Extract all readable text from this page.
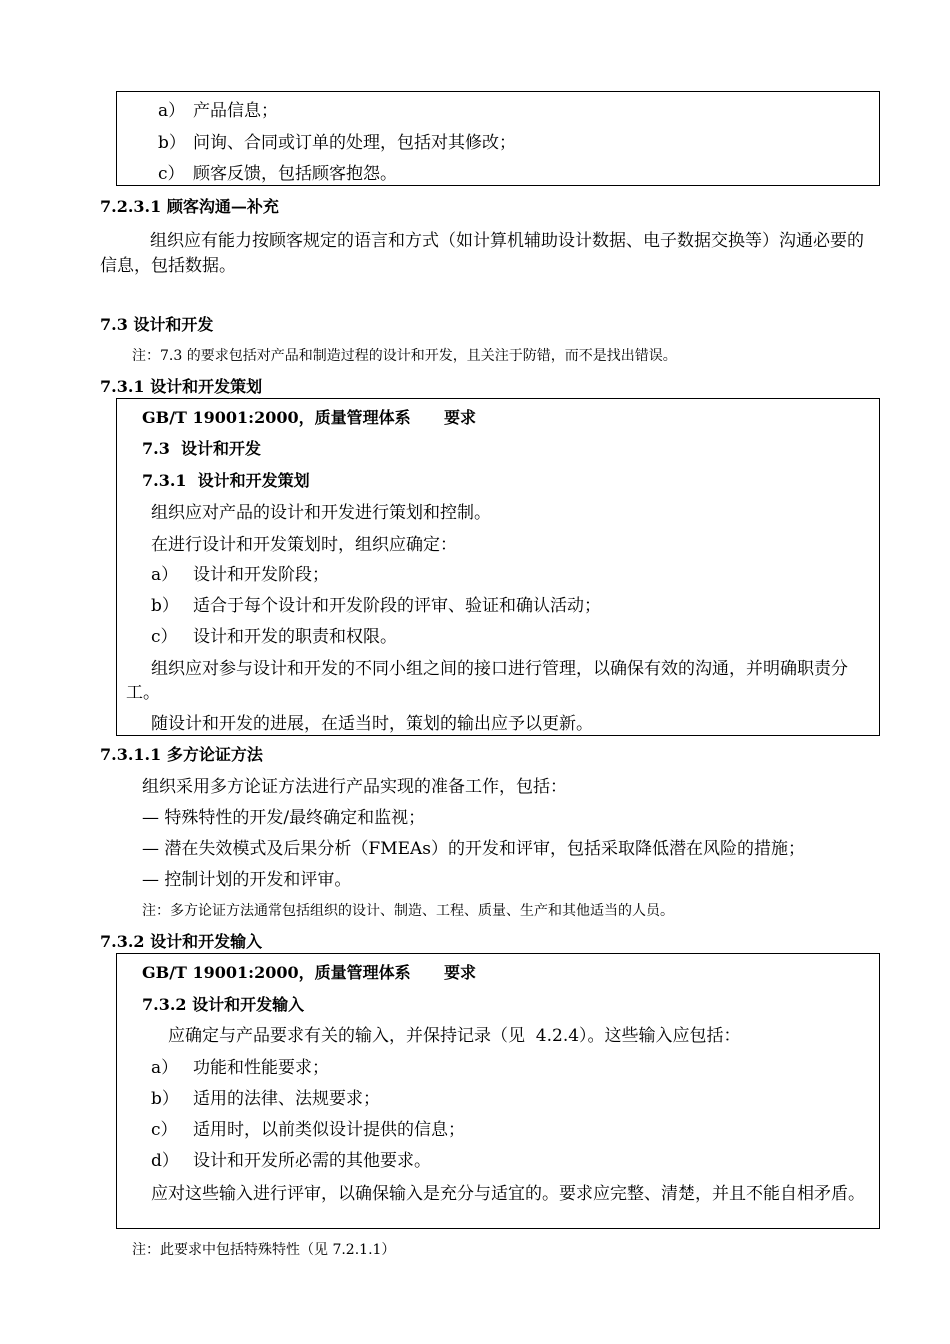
a） 产品信息；
b） 问询、合同或订单的处理，包括对其修改；
c） 顾客反馈，包括顾客抱怨。
7.2.3.1 顾客沟通—补充
组织应有能力按顾客规定的语言和方式（如计算机辅助设计数据、电子数据交换等）沟通必要的信息，包括数据。
7.3 设计和开发
注：7.3 的要求包括对产品和制造过程的设计和开发，且关注于防错，而不是找出错误。
7.3.1 设计和开发策划
GB/T 19001:2000，质量管理体系      要求
7.3  设计和开发
7.3.1  设计和开发策划
组织应对产品的设计和开发进行策划和控制。
在进行设计和开发策划时，组织应确定：
a） 设计和开发阶段；
b） 适合于每个设计和开发阶段的评审、验证和确认活动；
c） 设计和开发的职责和权限。
组织应对参与设计和开发的不同小组之间的接口进行管理，以确保有效的沟通，并明确职责分工。
随设计和开发的进展，在适当时，策划的输出应予以更新。
7.3.1.1 多方论证方法
组织采用多方论证方法进行产品实现的准备工作，包括：
— 特殊特性的开发/最终确定和监视；
— 潜在失效模式及后果分析（FMEAs）的开发和评审，包括采取降低潜在风险的措施；
— 控制计划的开发和评审。
注：多方论证方法通常包括组织的设计、制造、工程、质量、生产和其他适当的人员。
7.3.2 设计和开发输入
GB/T 19001:2000，质量管理体系      要求
7.3.2 设计和开发输入
应确定与产品要求有关的输入，并保持记录（见  4.2.4）。这些输入应包括：
a） 功能和性能要求；
b） 适用的法律、法规要求；
c） 适用时，以前类似设计提供的信息；
d） 设计和开发所必需的其他要求。
应对这些输入进行评审，以确保输入是充分与适宜的。要求应完整、清楚，并且不能自相矛盾。
注：此要求中包括特殊特性（见 7.2.1.1）
